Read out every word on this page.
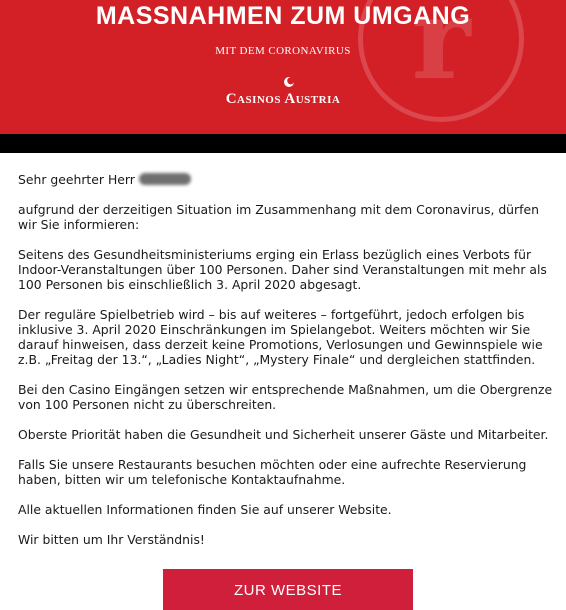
r
MASSNAHMEN ZUM UMGANG
MIT DEM CORONAVIRUS
Casinos Austria

Sehr geehrter Herr

aufgrund der derzeitigen Situation im Zusammenhang mit dem Coronavirus, dürfen wir Sie informieren:

Seitens des Gesundheitsministeriums erging ein Erlass bezüglich eines Verbots für Indoor-Veranstaltungen über 100 Personen. Daher sind Veranstaltungen mit mehr als 100 Personen bis einschließlich 3. April 2020 abgesagt.

Der reguläre Spielbetrieb wird – bis auf weiteres – fortgeführt, jedoch erfolgen bis inklusive 3. April 2020 Einschränkungen im Spielangebot. Weiters möchten wir Sie darauf hinweisen, dass derzeit keine Promotions, Verlosungen und Gewinnspiele wie z.B. „Freitag der 13.“, „Ladies Night“, „Mystery Finale“ und dergleichen stattfinden.

Bei den Casino Eingängen setzen wir entsprechende Maßnahmen, um die Obergrenze von 100 Personen nicht zu überschreiten.

Oberste Priorität haben die Gesundheit und Sicherheit unserer Gäste und Mitarbeiter.

Falls Sie unsere Restaurants besuchen möchten oder eine aufrechte Reservierung haben, bitten wir um telefonische Kontaktaufnahme.

Alle aktuellen Informationen finden Sie auf unserer Website.

Wir bitten um Ihr Verständnis!

ZUR WEBSITE
